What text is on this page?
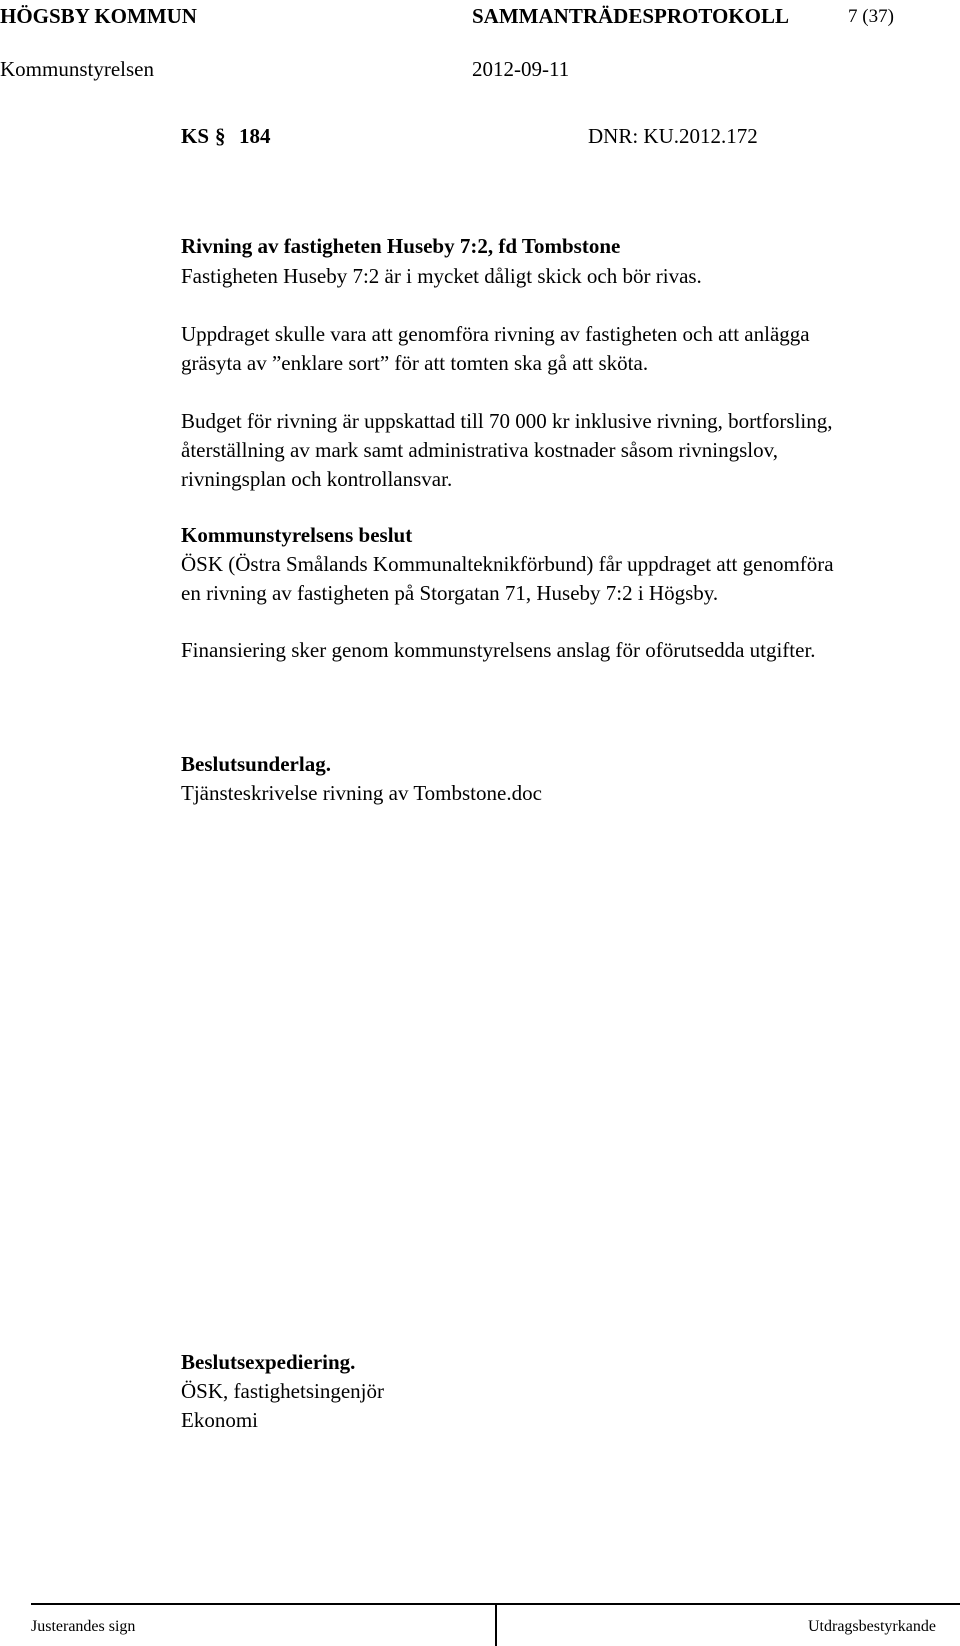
HÖGSBY KOMMUN	SAMMANTRÄDESPROTOKOLL	7 (37)
Kommunstyrelsen	2012-09-11
KS § 184	DNR: KU.2012.172
Rivning av fastigheten Huseby 7:2, fd Tombstone
Fastigheten Huseby 7:2 är i mycket dåligt skick och bör rivas.
Uppdraget skulle vara att genomföra rivning av fastigheten och att anlägga
gräsyta av ”enklare sort” för att tomten ska gå att sköta.
Budget för rivning är uppskattad till 70 000 kr inklusive rivning, bortforsling,
återställning av mark samt administrativa kostnader såsom rivningslov,
rivningsplan och kontrollansvar.
Kommunstyrelsens beslut
ÖSK (Östra Smålands Kommunalteknikförbund) får uppdraget att genomföra
en rivning av fastigheten på Storgatan 71, Huseby 7:2 i Högsby.
Finansiering sker genom kommunstyrelsens anslag för oförutsedda utgifter.
Beslutsunderlag.
Tjänsteskrivelse rivning av Tombstone.doc
Beslutsexpediering.
ÖSK, fastighetsingenjör
Ekonomi
Justerandes sign	Utdragsbestyrkande
